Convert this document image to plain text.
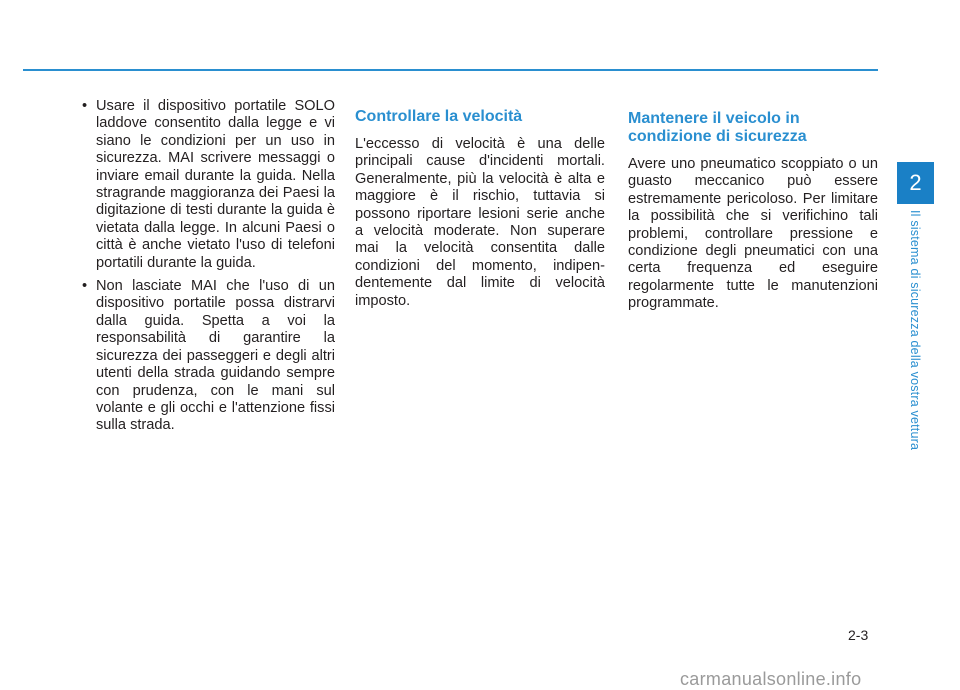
• Usare il dispositivo portatile SOLO laddove consentito dalla legge e vi siano le condizioni per un uso in sicurezza. MAI scrivere messaggi o inviare email durante la guida. Nella stragrande maggioranza dei Paesi la digitazione di testi durante la guida è vietata dalla legge. In alcuni Paesi o città è anche vietato l'uso di telefoni portatili durante la guida.
• Non lasciate MAI che l'uso di un dispositivo portatile possa distrarvi dalla guida. Spetta a voi la responsabilità di garantire la sicurezza dei passeggeri e degli altri utenti della strada guidando sempre con prudenza, con le mani sul volante e gli occhi e l'attenzione fissi sulla strada.
Controllare la velocità

L'eccesso di velocità è una delle principali cause d'incidenti mortali. Generalmente, più la velocità è alta e maggiore è il rischio, tuttavia si possono riportare lesioni serie anche a velocità moderate. Non superare mai la velocità consentita dalle condizioni del momento, indipen-dentemente dal limite di velocità imposto.

Mantenere il veicolo in condizione di sicurezza

Avere uno pneumatico scoppiato o un guasto meccanico può essere estremamente pericoloso. Per limitare la possibilità che si verifichino tali problemi, controllare pressione e condizione degli pneumatici con una certa frequenza ed eseguire regolarmente tutte le manutenzioni programmate.

2
Il sistema di sicurezza della vostra vettura
2-3
carmanualsonline.info
